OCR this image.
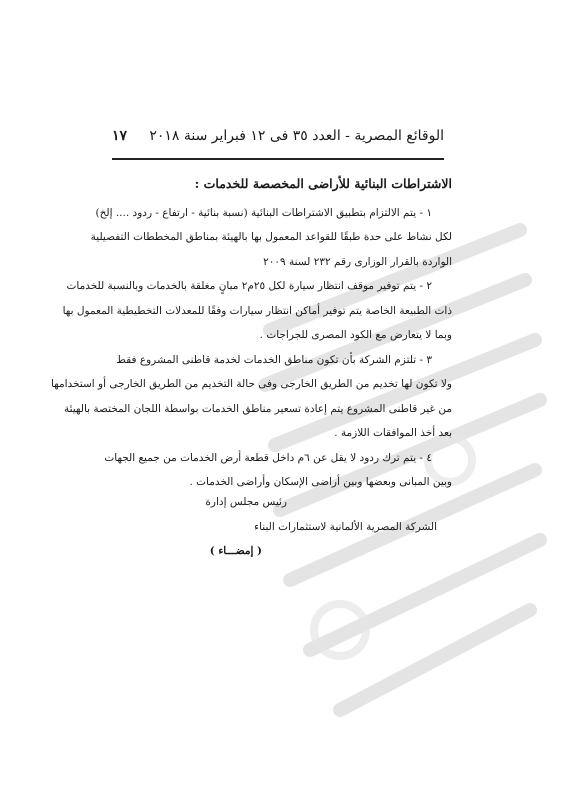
الوقائع المصرية - العدد ٣٥ فى ١٢ فبراير سنة ٢٠١٨
١٧
الاشتراطات البنائية للأراضى المخصصة للخدمات :
١ - يتم الالتزام بتطبيق الاشتراطات البنائية (نسبة بنائية - ارتفاع - ردود .... إلخ)
لكل نشاط على حدة طبقًا للقواعد المعمول بها بالهيئة بمناطق المخططات التفصيلية
الواردة بالقرار الوزارى رقم ٢٣٢ لسنة ٢٠٠٩
٢ - يتم توفير موقف انتظار سيارة لكل ٢٥م٢ مبانٍ مغلقة بالخدمات وبالنسبة للخدمات
ذات الطبيعة الخاصة يتم توفير أماكن انتظار سيارات وفقًا للمعدلات التخطيطية المعمول بها
وبما لا يتعارض مع الكود المصرى للجراجات .
٣ - تلتزم الشركة بأن تكون مناطق الخدمات لخدمة قاطنى المشروع فقط
ولا تكون لها تخديم من الطريق الخارجى وفى حالة التخديم من الطريق الخارجى أو استخدامها
من غير قاطنى المشروع يتم إعادة تسعير مناطق الخدمات بواسطة اللجان المختصة بالهيئة
بعد أخذ الموافقات اللازمة .
٤ - يتم ترك ردود لا يقل عن ٦م داخل قطعة أرض الخدمات من جميع الجهات
وبين المبانى وبعضها وبين أراضى الإسكان وأراضى الخدمات .
رئيس مجلس إدارة
الشركة المصرية الألمانية لاستثمارات البناء
( إمضـــاء )
